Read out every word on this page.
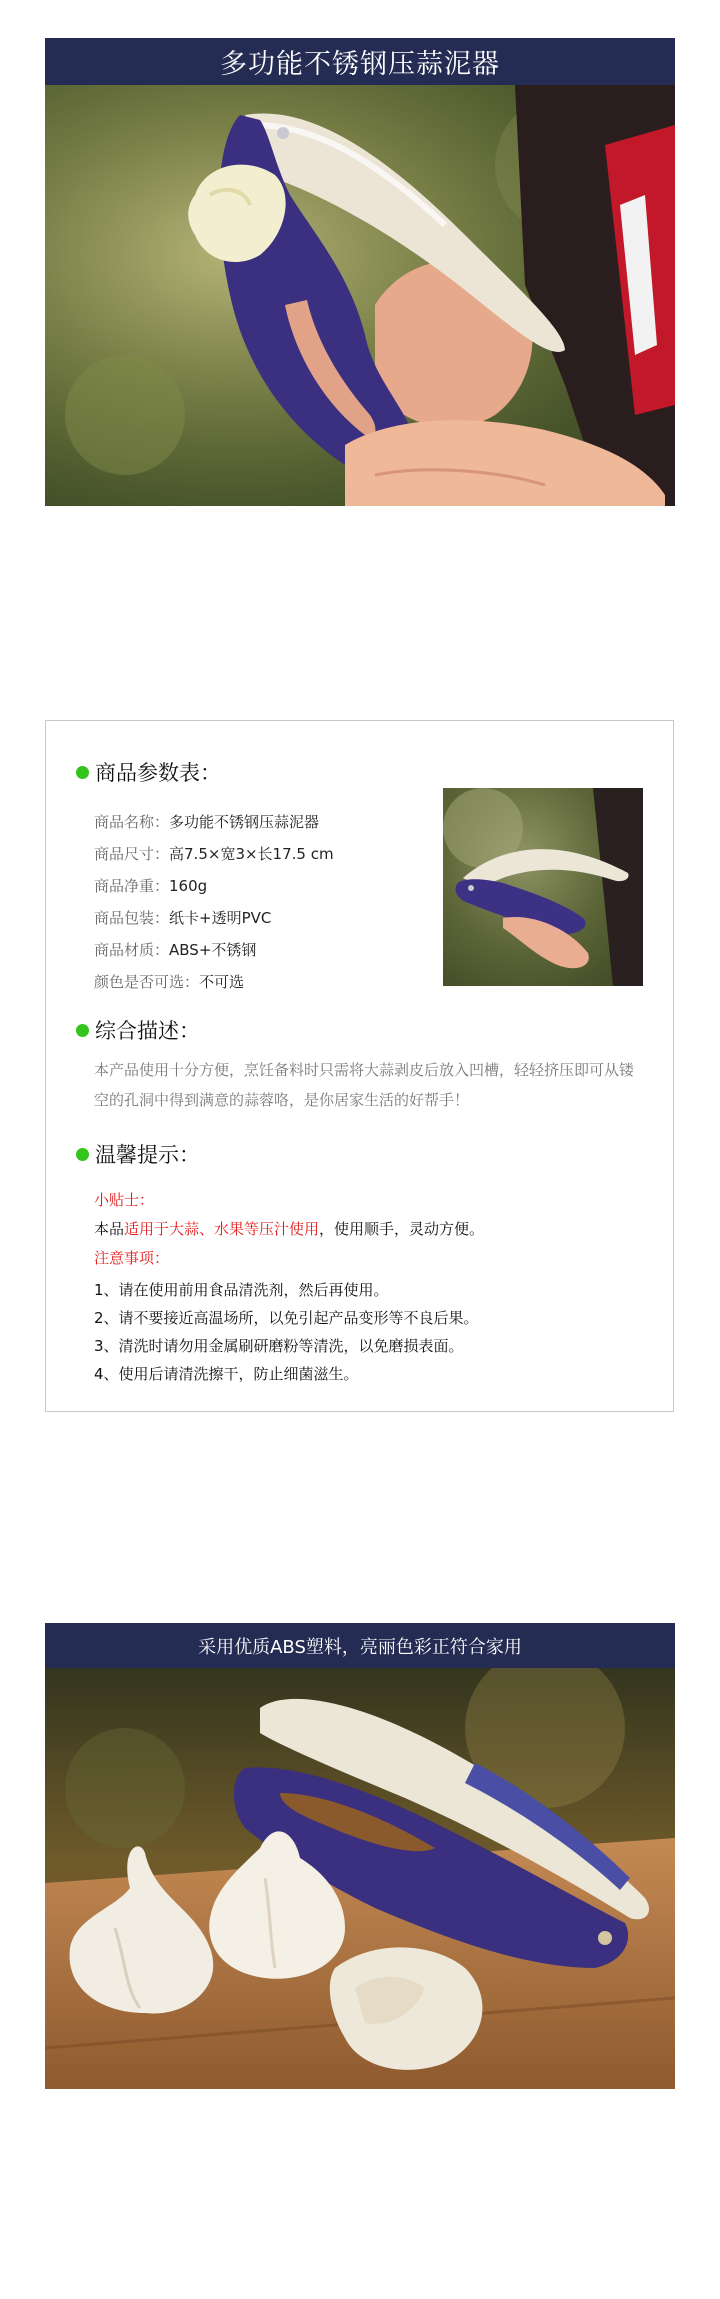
多功能不锈钢压蒜泥器
商品参数表：
商品名称：多功能不锈钢压蒜泥器
商品尺寸：高7.5×宽3×长17.5 cm
商品净重：160g
商品包装：纸卡+透明PVC
商品材质：ABS+不锈钢
颜色是否可选：不可选
综合描述：
本产品使用十分方便，烹饪备料时只需将大蒜剥皮后放入凹槽，轻轻挤压即可从镂空的孔洞中得到满意的蒜蓉咯，是你居家生活的好帮手！
温馨提示：
小贴士：
本品适用于大蒜、水果等压汁使用，使用顺手，灵动方便。
注意事项：
1、请在使用前用食品清洗剂，然后再使用。
2、请不要接近高温场所，以免引起产品变形等不良后果。
3、清洗时请勿用金属刷研磨粉等清洗，以免磨损表面。
4、使用后请清洗擦干，防止细菌滋生。
采用优质ABS塑料，亮丽色彩正符合家用
